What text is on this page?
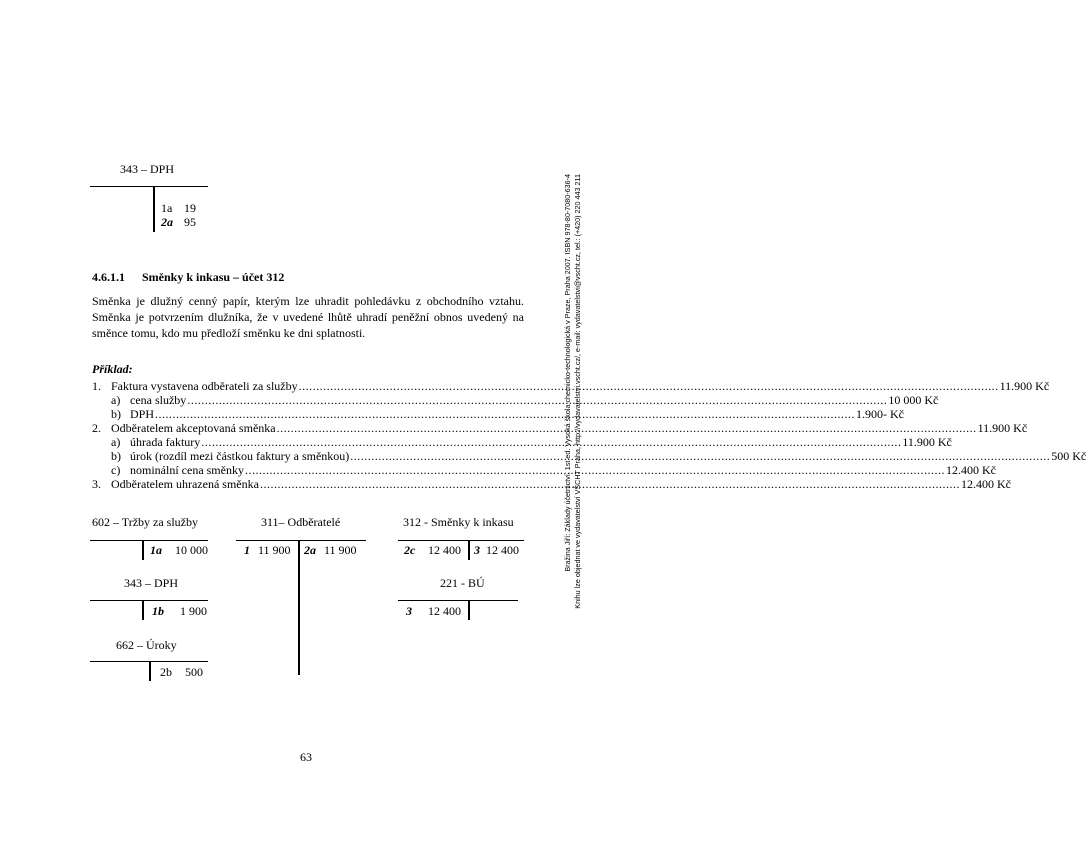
Bražina Jiří: Základy účetnictví. 1st ed. Vysoká škola chemicko-technologická v Praze, Praha 2007. ISBN 978-80-7080-636-4 Knihu lze objednat ve vydavatelství VŠCHT Praha, http://vydavatelstvi.vscht.cz/, e-mail: vydavatelstvi@vscht.cz, tel.: (+420) 220 443 211
343 – DPH
1a 19
2a 95
4.6.1.1 Směnky k inkasu – účet 312
Směnka je dlužný cenný papír, kterým lze uhradit pohledávku z obchodního vztahu. Směnka je potvrzením dlužníka, že v uvedené lhůtě uhradí peněžní obnos uvedený na směnce tomu, kdo mu předloží směnku ke dni splatnosti.
Příklad:
1. Faktura vystavena odběrateli za služby ........................................................................................................................................................................................................ 11.900 Kč
a) cena služby ........................................................................................................................................................................................................ 10 000 Kč
b) DPH ........................................................................................................................................................................................................ 1.900- Kč
2. Odběratelem akceptovaná směnka ........................................................................................................................................................................................................ 11.900 Kč
a) úhrada faktury ........................................................................................................................................................................................................ 11.900 Kč
b) úrok (rozdíl mezi částkou faktury a směnkou) ........................................................................................................................................................................................................ 500 Kč
c) nominální cena směnky ........................................................................................................................................................................................................ 12.400 Kč
3. Odběratelem uhrazená směnka ........................................................................................................................................................................................................ 12.400 Kč
602 – Tržby za služby
1a 10 000
311– Odběratelé
1 11 900 2a 11 900
312 - Směnky k inkasu
2c 12 400 3 12 400
343 – DPH
1b 1 900
221 - BÚ
3 12 400
662 – Úroky
2b 500
63
